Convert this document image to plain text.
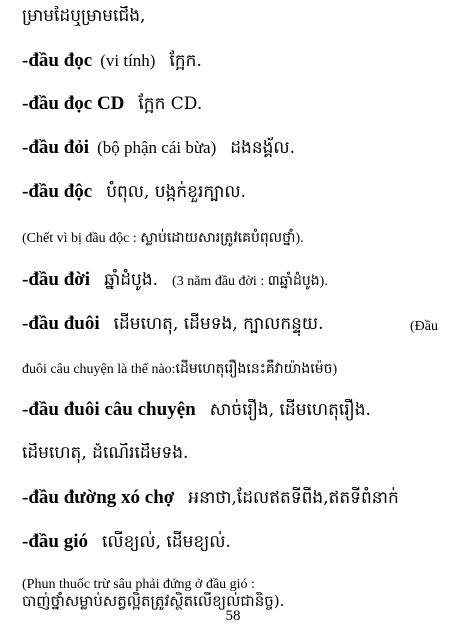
ម្រាមដៃឬម្រាមជើង,
-đầu đọc (vi tính) ក្អែក.
-đầu đọc CD ក្អែក CD.
-đầu đỏi (bộ phận cái bừa) ដងនង្គ័ល.
-đầu độc បំពុល, បង្កក់ខួរក្បាល.
(Chết vì bị đầu độc : ស្លាប់ដោយសារត្រូវគេបំពុលថ្នាំ).
-đầu đời ឆ្នាំដំបូង. (3 năm đầu đời : ៣ឆ្នាំដំបូង).
-đầu đuôi ដើមហេតុ, ដើមទង, ក្បាលកន្ទុយ.	(Đầu
đuôi câu chuyện là thế nào:ដើមហេតុរឿងនេះគឺវាយ៉ាងម៉េច)
-đầu đuôi câu chuyện សាច់រឿង, ដើមហេតុរឿង.
ដើមហេតុ, ដំណើរដើមទង.
-đầu đường xó chợ អនាថា,ដែលឥតទីពឹង,ឥតទីពំនាក់
-đầu gió លើខ្យល់, ដើមខ្យល់.
(Phun thuốc trừ sâu phải đứng ở đầu gió :
បាញ់ថ្នាំសម្លាប់សត្វល្អិតត្រូវស្ថិតលើខ្យល់ជានិច្ច).
58
